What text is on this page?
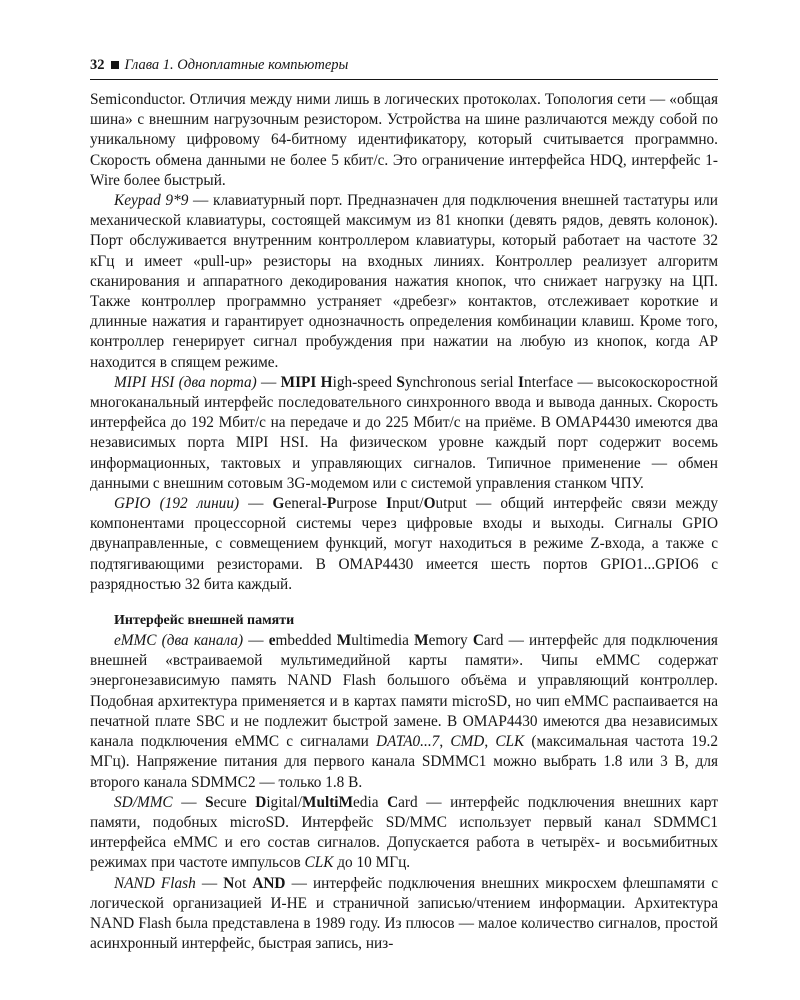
32 Глава 1. Одноплатные компьютеры

Semiconductor. Отличия между ними лишь в логических протоколах. Топология сети — «общая шина» с внешним нагрузочным резистором. Устройства на шине различаются между собой по уникальному цифровому 64-битному идентификатору, который считывается программно. Скорость обмена данными не более 5 кбит/с. Это ограничение интерфейса HDQ, интерфейс 1-Wire более быстрый.

Keypad 9*9 — клавиатурный порт. Предназначен для подключения внешней тастатуры или механической клавиатуры, состоящей максимум из 81 кнопки (девять рядов, девять колонок). Порт обслуживается внутренним контроллером клавиатуры, который работает на частоте 32 кГц и имеет «pull-up» резисторы на входных линиях. Контроллер реализует алгоритм сканирования и аппаратного декодирования нажатия кнопок, что снижает нагрузку на ЦП. Также контроллер программно устраняет «дребезг» контактов, отслеживает короткие и длинные нажатия и гарантирует однозначность определения комбинации клавиш. Кроме того, контроллер генерирует сигнал пробуждения при нажатии на любую из кнопок, когда AP находится в спящем режиме.

MIPI HSI (два порта) — MIPI High-speed Synchronous serial Interface — высокоскоростной многоканальный интерфейс последовательного синхронного ввода и вывода данных. Скорость интерфейса до 192 Мбит/с на передаче и до 225 Мбит/с на приёме. В OMAP4430 имеются два независимых порта MIPI HSI. На физическом уровне каждый порт содержит восемь информационных, тактовых и управляющих сигналов. Типичное применение — обмен данными с внешним сотовым 3G-модемом или с системой управления станком ЧПУ.

GPIO (192 линии) — General-Purpose Input/Output — общий интерфейс связи между компонентами процессорной системы через цифровые входы и выходы. Сигналы GPIO двунаправленные, с совмещением функций, могут находиться в режиме Z-входа, а также с подтягивающими резисторами. В OMAP4430 имеется шесть портов GPIO1...GPIO6 с разрядностью 32 бита каждый.

Интерфейс внешней памяти

eMMC (два канала) — embedded Multimedia Memory Card — интерфейс для подключения внешней «встраиваемой мультимедийной карты памяти». Чипы eMMC содержат энергонезависимую память NAND Flash большого объёма и управляющий контроллер. Подобная архитектура применяется и в картах памяти microSD, но чип eMMC распаивается на печатной плате SBC и не подлежит быстрой замене. В OMAP4430 имеются два независимых канала подключения eMMC с сигналами DATA0...7, CMD, CLK (максимальная частота 19.2 МГц). Напряжение питания для первого канала SDMMC1 можно выбрать 1.8 или 3 В, для второго канала SDMMC2 — только 1.8 В.

SD/MMC — Secure Digital/MultiMedia Card — интерфейс подключения внешних карт памяти, подобных microSD. Интерфейс SD/MMC использует первый канал SDMMC1 интерфейса eMMC и его состав сигналов. Допускается работа в четырёх- и восьмибитных режимах при частоте импульсов CLK до 10 МГц.

NAND Flash — Not AND — интерфейс подключения внешних микросхем флешпамяти с логической организацией И-НЕ и страничной записью/чтением информации. Архитектура NAND Flash была представлена в 1989 году. Из плюсов — малое количество сигналов, простой асинхронный интерфейс, быстрая запись, низ-
